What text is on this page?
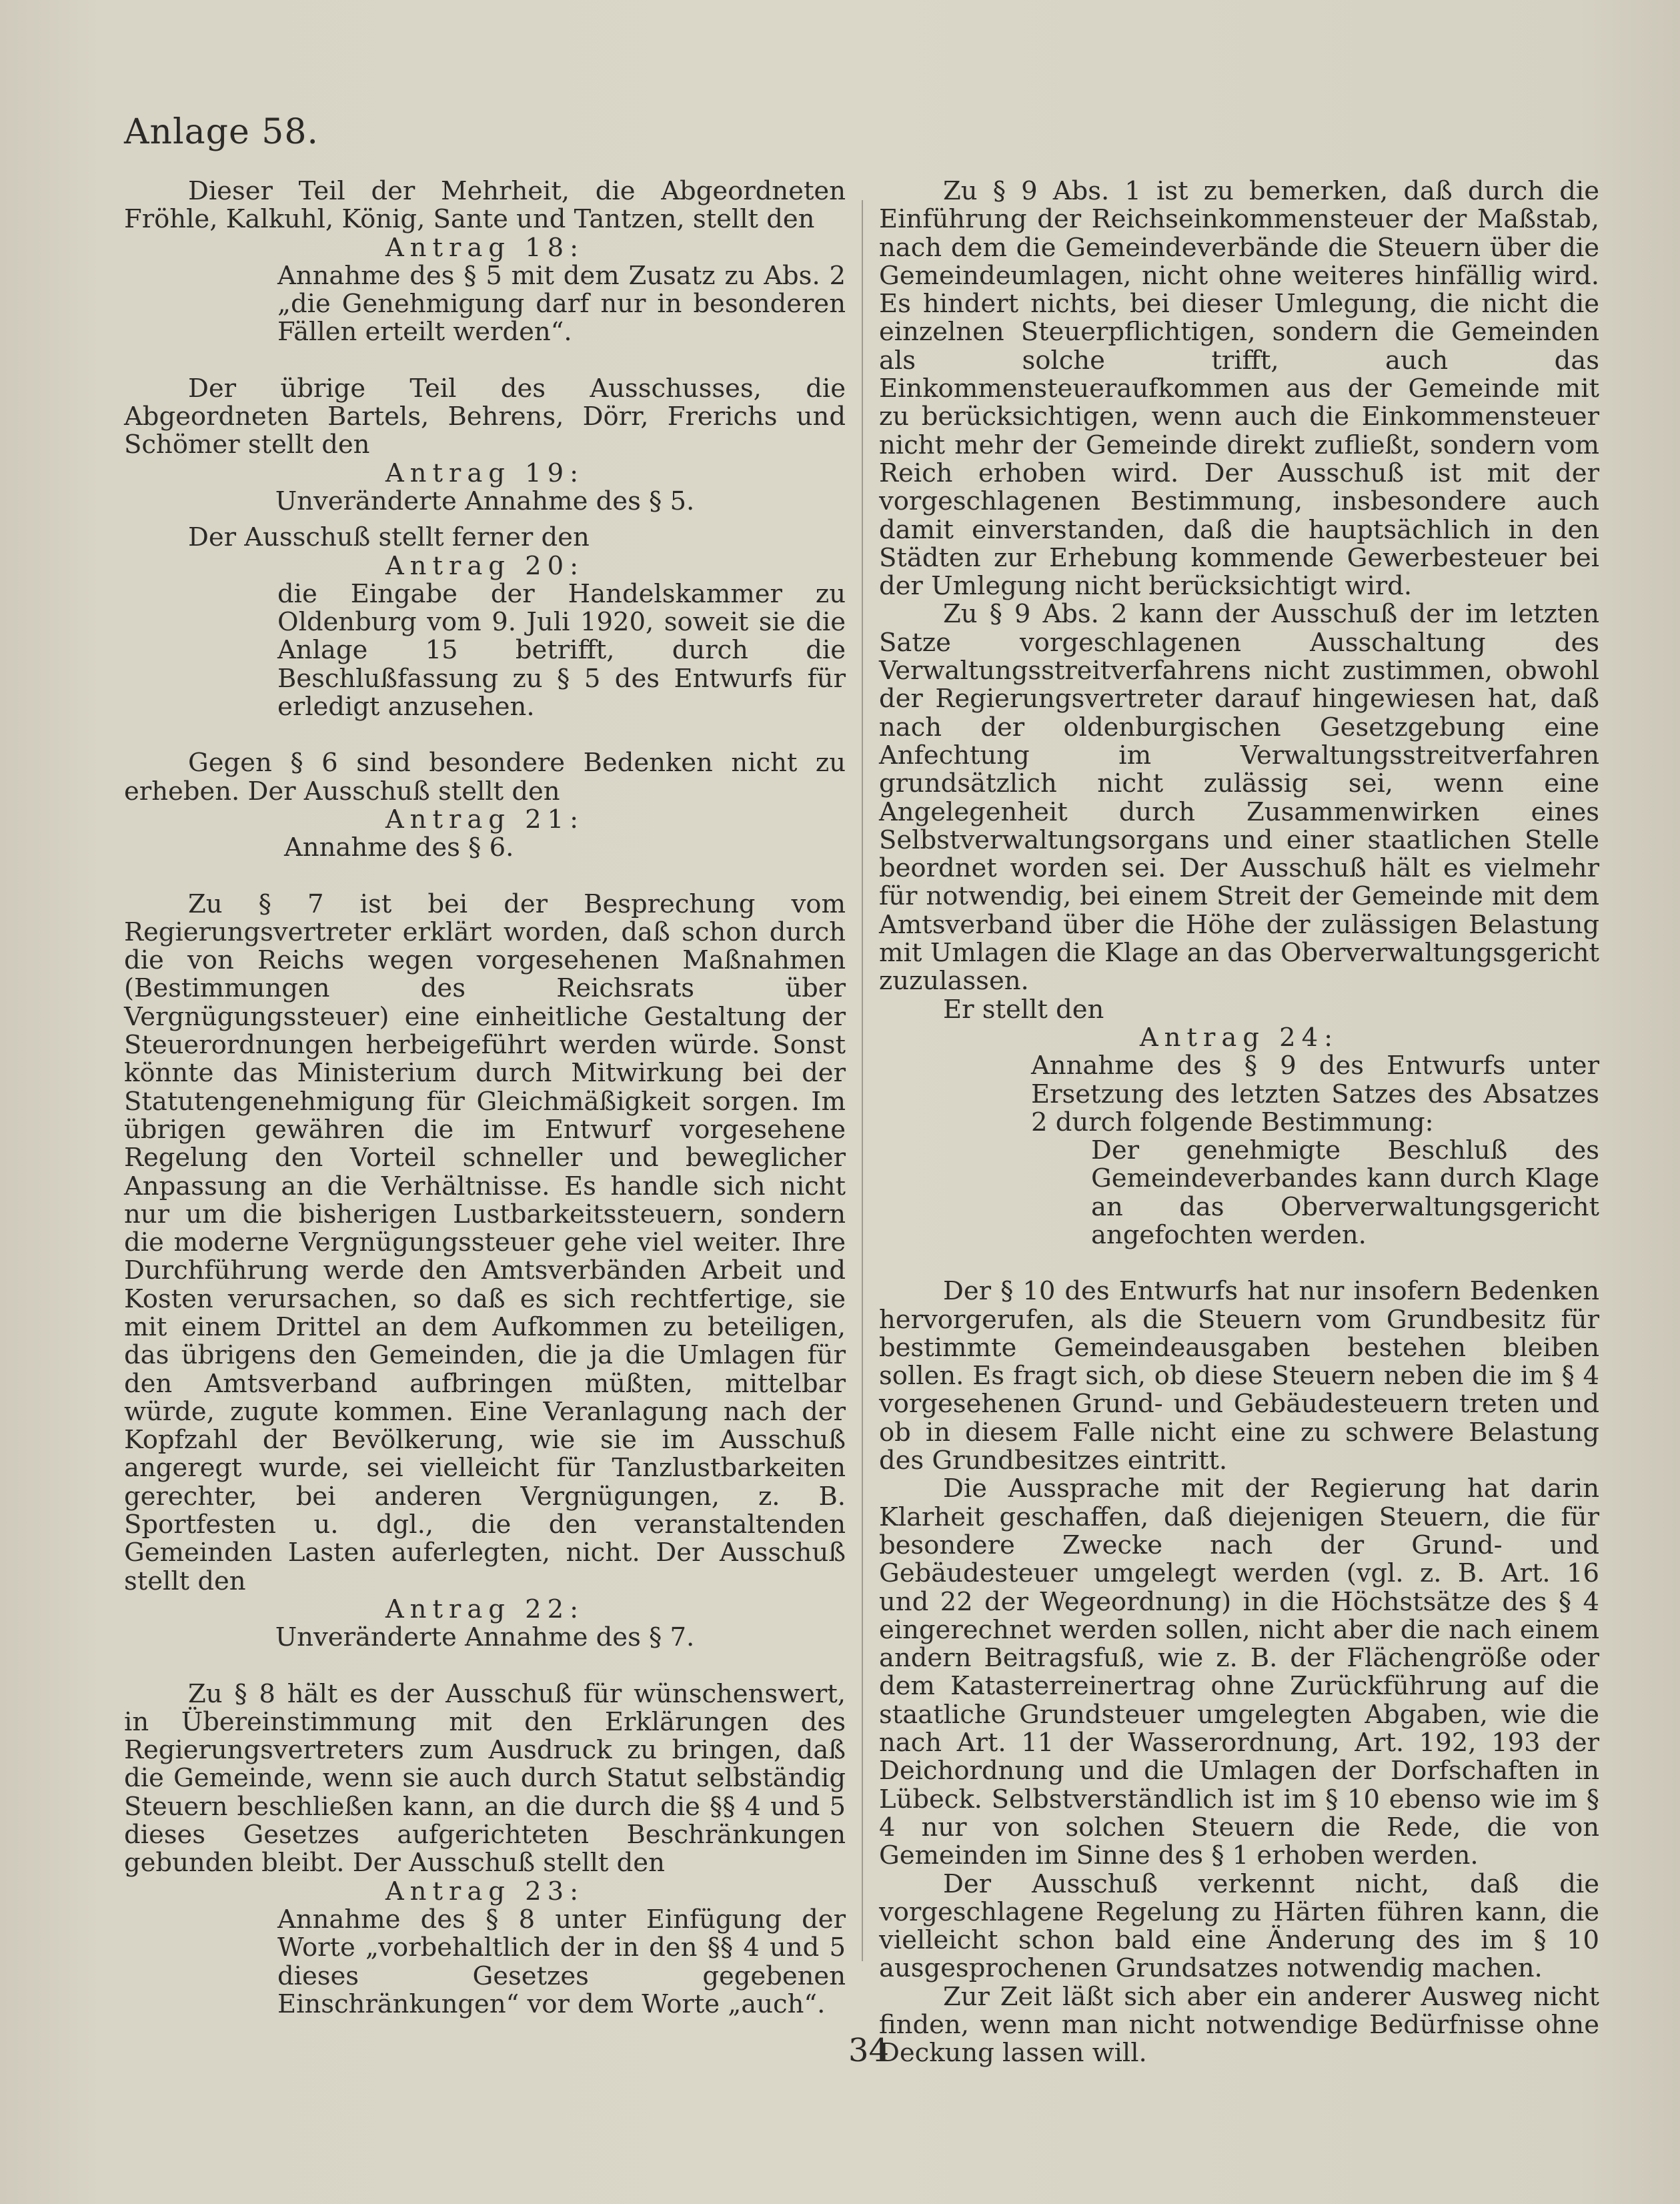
Anlage 58.

Dieser Teil der Mehrheit, die Abgeordneten Fröhle, Kalkuhl, König, Sante und Tantzen, stellt den

Antrag 18:

Annahme des § 5 mit dem Zusatz zu Abs. 2 „die Genehmigung darf nur in besonderen Fällen erteilt werden“.

Der übrige Teil des Ausschusses, die Abgeordneten Bartels, Behrens, Dörr, Frerichs und Schömer stellt den

Antrag 19:

Unveränderte Annahme des § 5.

Der Ausschuß stellt ferner den

Antrag 20:

die Eingabe der Handelskammer zu Oldenburg vom 9. Juli 1920, soweit sie die Anlage 15 betrifft, durch die Beschlußfassung zu § 5 des Entwurfs für erledigt anzusehen.

Gegen § 6 sind besondere Bedenken nicht zu erheben. Der Ausschuß stellt den

Antrag 21:

Annahme des § 6.

Zu § 7 ist bei der Besprechung vom Regierungsvertreter erklärt worden, daß schon durch die von Reichs wegen vorgesehenen Maßnahmen (Bestimmungen des Reichsrats über Vergnügungssteuer) eine einheitliche Gestaltung der Steuerordnungen herbeigeführt werden würde. Sonst könnte das Ministerium durch Mitwirkung bei der Statutengenehmigung für Gleichmäßigkeit sorgen. Im übrigen gewähren die im Entwurf vorgesehene Regelung den Vorteil schneller und beweglicher Anpassung an die Verhältnisse. Es handle sich nicht nur um die bisherigen Lustbarkeitssteuern, sondern die moderne Vergnügungssteuer gehe viel weiter. Ihre Durchführung werde den Amtsverbänden Arbeit und Kosten verursachen, so daß es sich rechtfertige, sie mit einem Drittel an dem Aufkommen zu beteiligen, das übrigens den Gemeinden, die ja die Umlagen für den Amtsverband aufbringen müßten, mittelbar würde, zugute kommen. Eine Veranlagung nach der Kopfzahl der Bevölkerung, wie sie im Ausschuß angeregt wurde, sei vielleicht für Tanzlustbarkeiten gerechter, bei anderen Vergnügungen, z. B. Sportfesten u. dgl., die den veranstaltenden Gemeinden Lasten auferlegten, nicht. Der Ausschuß stellt den

Antrag 22:

Unveränderte Annahme des § 7.

Zu § 8 hält es der Ausschuß für wünschenswert, in Übereinstimmung mit den Erklärungen des Regierungsvertreters zum Ausdruck zu bringen, daß die Gemeinde, wenn sie auch durch Statut selbständig Steuern beschließen kann, an die durch die §§ 4 und 5 dieses Gesetzes aufgerichteten Beschränkungen gebunden bleibt. Der Ausschuß stellt den

Antrag 23:

Annahme des § 8 unter Einfügung der Worte „vorbehaltlich der in den §§ 4 und 5 dieses Gesetzes gegebenen Einschränkungen“ vor dem Worte „auch“.

Zu § 9 Abs. 1 ist zu bemerken, daß durch die Einführung der Reichseinkommensteuer der Maßstab, nach dem die Gemeindeverbände die Steuern über die Gemeindeumlagen, nicht ohne weiteres hinfällig wird. Es hindert nichts, bei dieser Umlegung, die nicht die einzelnen Steuerpflichtigen, sondern die Gemeinden als solche trifft, auch das Einkommensteueraufkommen aus der Gemeinde mit zu berücksichtigen, wenn auch die Einkommensteuer nicht mehr der Gemeinde direkt zufließt, sondern vom Reich erhoben wird. Der Ausschuß ist mit der vorgeschlagenen Bestimmung, insbesondere auch damit einverstanden, daß die hauptsächlich in den Städten zur Erhebung kommende Gewerbesteuer bei der Umlegung nicht berücksichtigt wird.

Zu § 9 Abs. 2 kann der Ausschuß der im letzten Satze vorgeschlagenen Ausschaltung des Verwaltungsstreitverfahrens nicht zustimmen, obwohl der Regierungsvertreter darauf hingewiesen hat, daß nach der oldenburgischen Gesetzgebung eine Anfechtung im Verwaltungsstreitverfahren grundsätzlich nicht zulässig sei, wenn eine Angelegenheit durch Zusammenwirken eines Selbstverwaltungsorgans und einer staatlichen Stelle beordnet worden sei. Der Ausschuß hält es vielmehr für notwendig, bei einem Streit der Gemeinde mit dem Amtsverband über die Höhe der zulässigen Belastung mit Umlagen die Klage an das Oberverwaltungsgericht zuzulassen.

Er stellt den

Antrag 24:

Annahme des § 9 des Entwurfs unter Ersetzung des letzten Satzes des Absatzes 2 durch folgende Bestimmung:

Der genehmigte Beschluß des Gemeindeverbandes kann durch Klage an das Oberverwaltungsgericht angefochten werden.

Der § 10 des Entwurfs hat nur insofern Bedenken hervorgerufen, als die Steuern vom Grundbesitz für bestimmte Gemeindeausgaben bestehen bleiben sollen. Es fragt sich, ob diese Steuern neben die im § 4 vorgesehenen Grund- und Gebäudesteuern treten und ob in diesem Falle nicht eine zu schwere Belastung des Grundbesitzes eintritt.

Die Aussprache mit der Regierung hat darin Klarheit geschaffen, daß diejenigen Steuern, die für besondere Zwecke nach der Grund- und Gebäudesteuer umgelegt werden (vgl. z. B. Art. 16 und 22 der Wegeordnung) in die Höchstsätze des § 4 eingerechnet werden sollen, nicht aber die nach einem andern Beitragsfuß, wie z. B. der Flächengröße oder dem Katasterreinertrag ohne Zurückführung auf die staatliche Grundsteuer umgelegten Abgaben, wie die nach Art. 11 der Wasserordnung, Art. 192, 193 der Deichordnung und die Umlagen der Dorfschaften in Lübeck. Selbstverständlich ist im § 10 ebenso wie im § 4 nur von solchen Steuern die Rede, die von Gemeinden im Sinne des § 1 erhoben werden.

Der Ausschuß verkennt nicht, daß die vorgeschlagene Regelung zu Härten führen kann, die vielleicht schon bald eine Änderung des im § 10 ausgesprochenen Grundsatzes notwendig machen.

Zur Zeit läßt sich aber ein anderer Ausweg nicht finden, wenn man nicht notwendige Bedürfnisse ohne Deckung lassen will.

34
